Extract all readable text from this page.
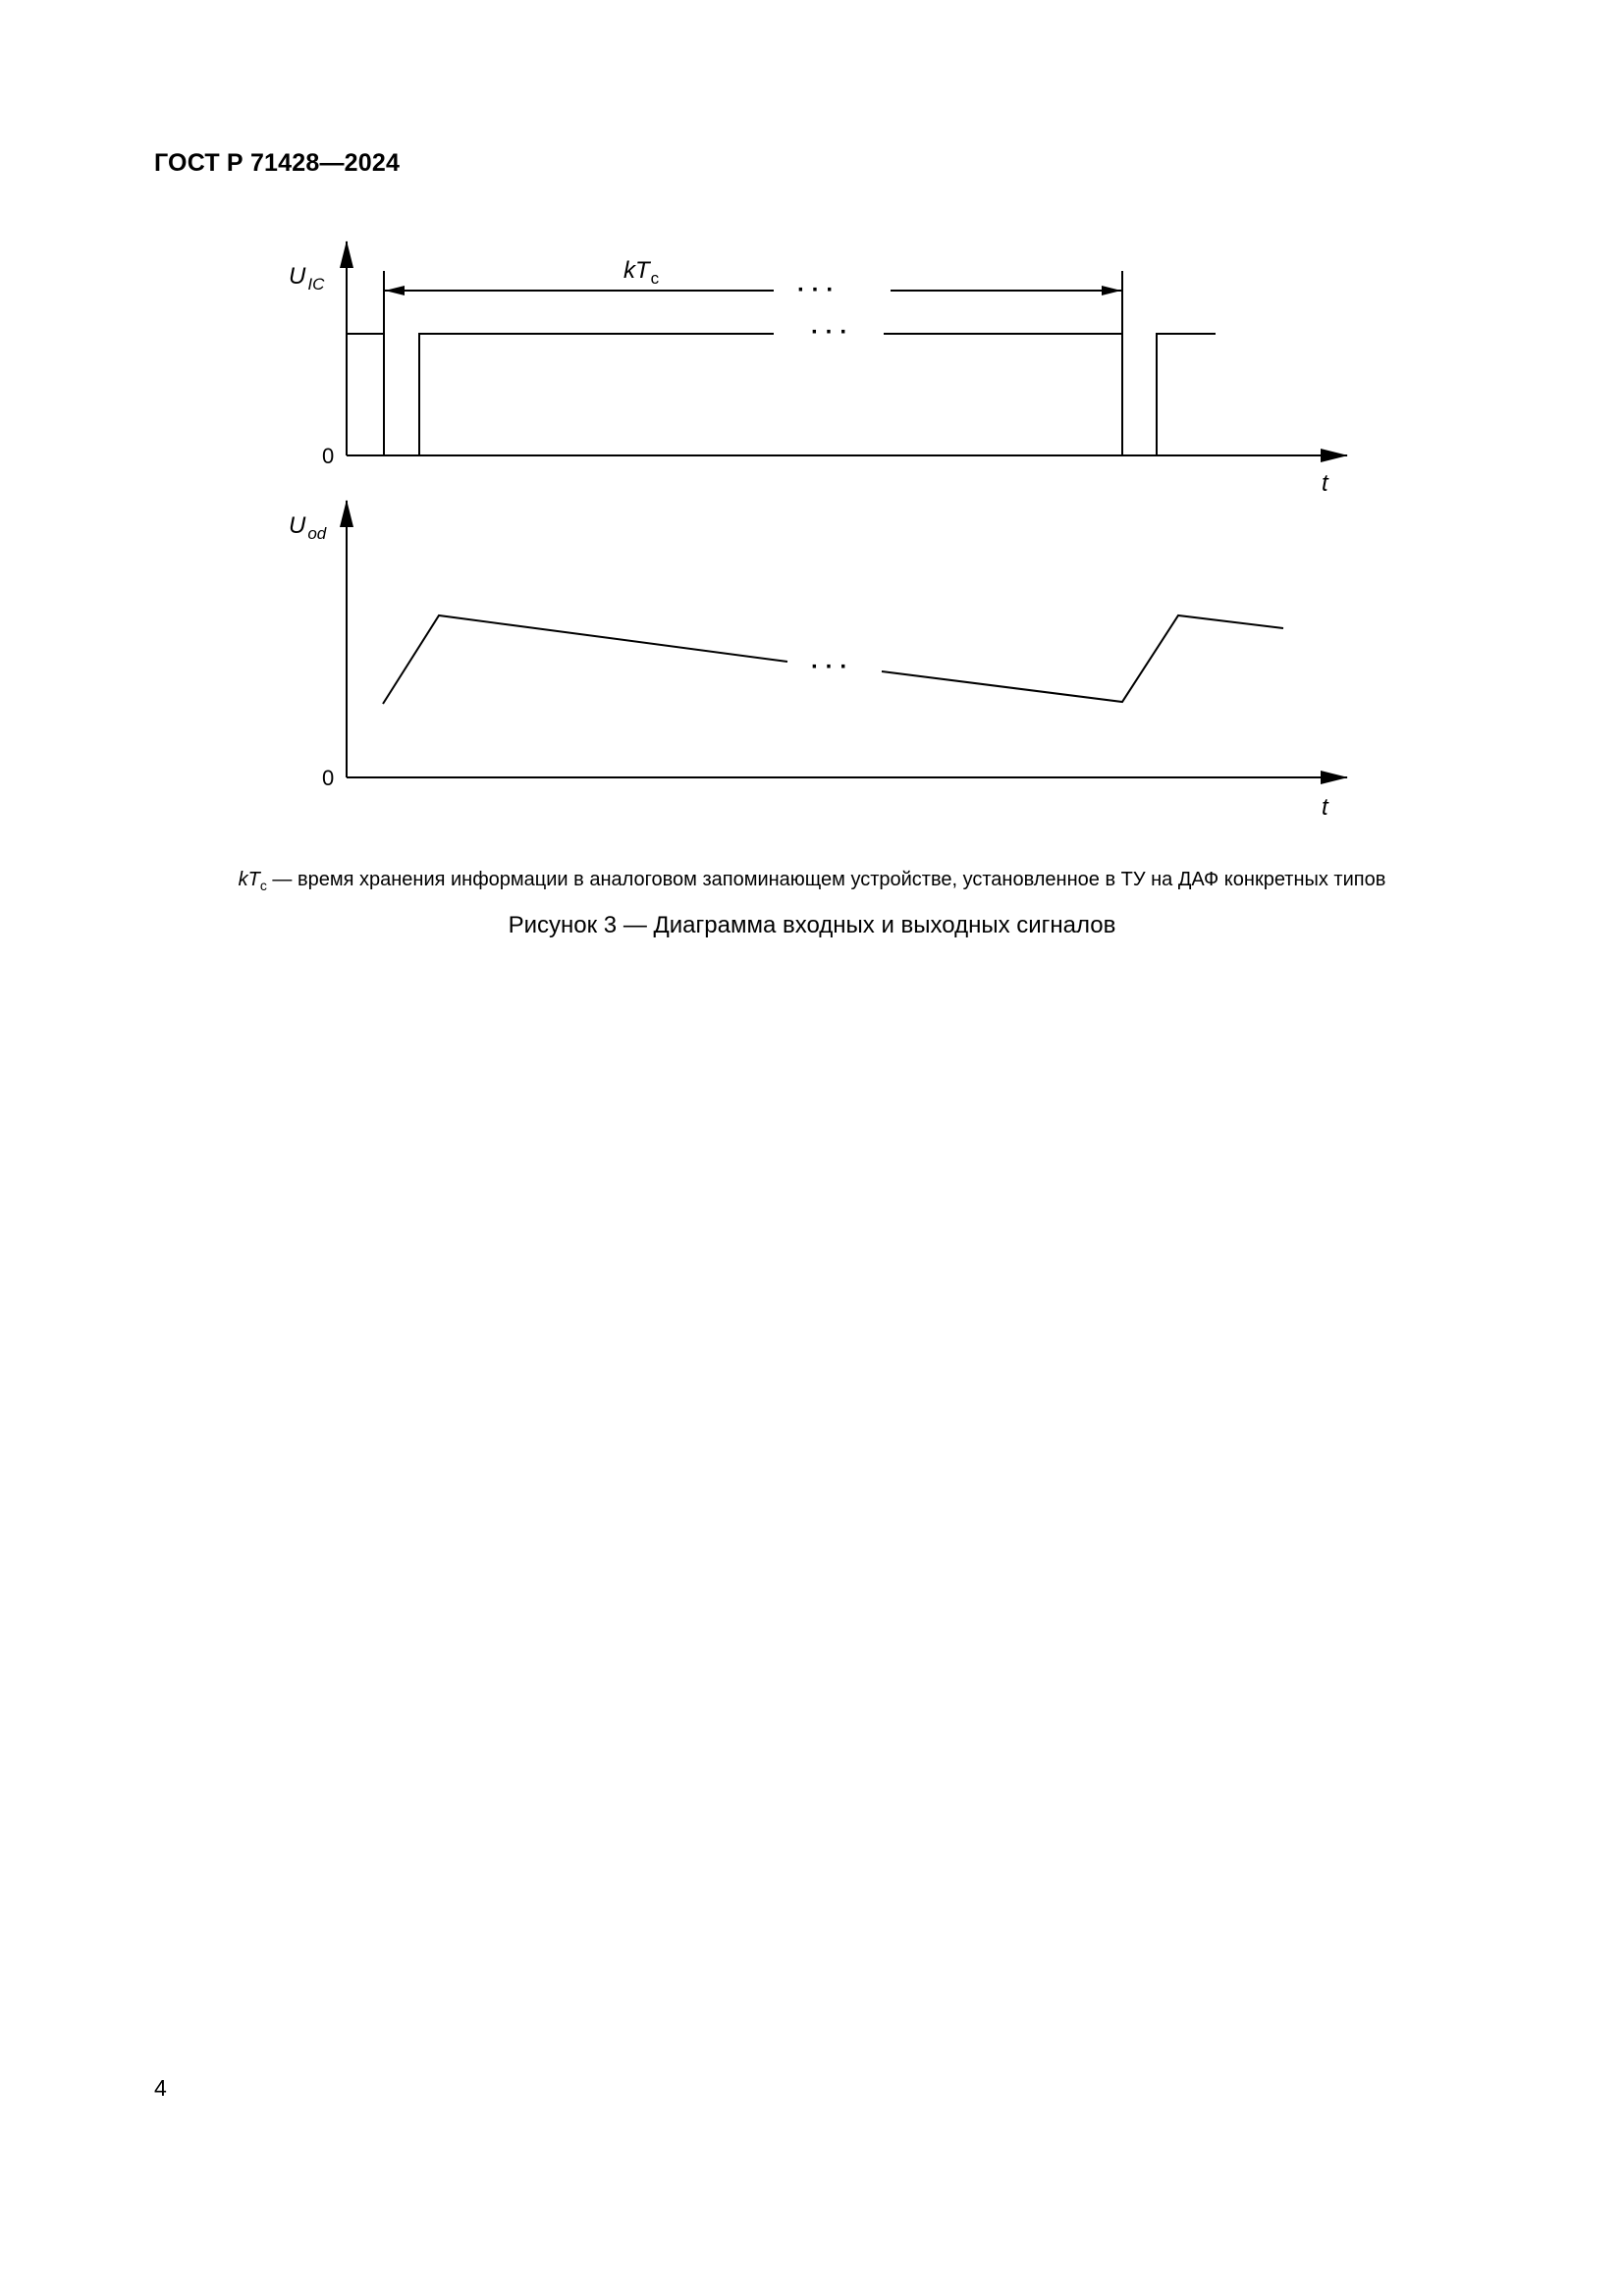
ГОСТ Р 71428—2024
U $_{IC}$
0
t
$kT_c$	· · ·
· · ·
U $_{od}$
0
t
· · ·
$kT_c$ — время хранения информации в аналоговом запоминающем устройстве, установленное в ТУ на ДАФ конкретных типов
Рисунок 3 — Диаграмма входных и выходных сигналов
4
